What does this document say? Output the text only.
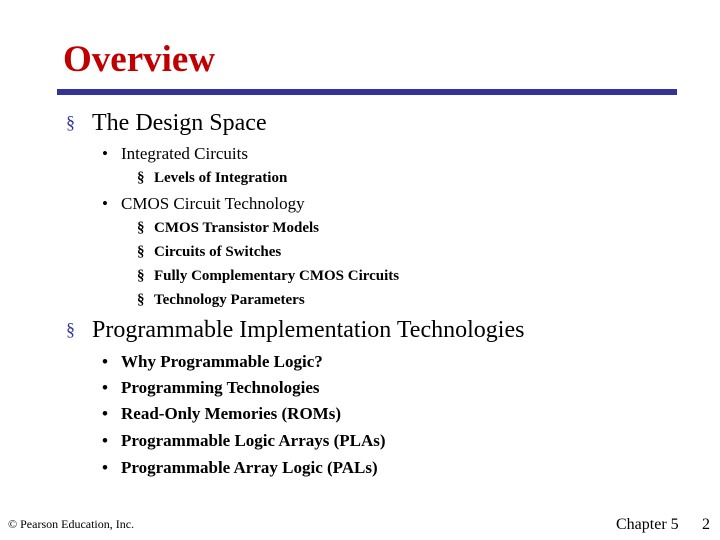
Overview
§ The Design Space
• Integrated Circuits
§ Levels of Integration
• CMOS Circuit Technology
§ CMOS Transistor Models
§ Circuits of Switches
§ Fully Complementary CMOS Circuits
§ Technology Parameters
§ Programmable Implementation Technologies
• Why Programmable Logic?
• Programming Technologies
• Read-Only Memories (ROMs)
• Programmable Logic Arrays (PLAs)
• Programmable Array Logic (PALs)
© Pearson Education, Inc.	Chapter 5 2
